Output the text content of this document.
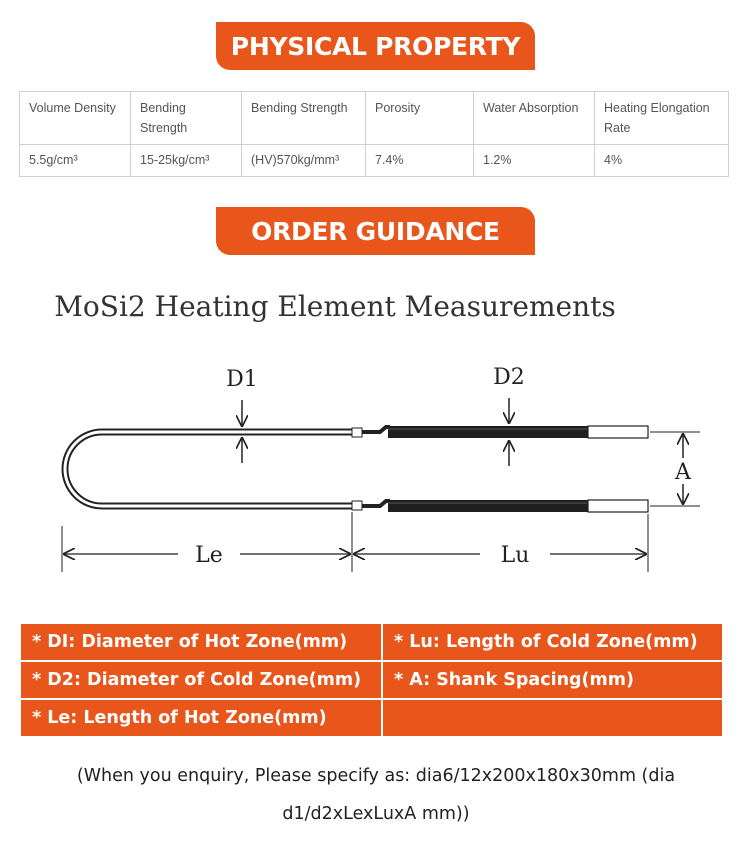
PHYSICAL PROPERTY
Volume Density	Bending Strength	Bending Strength	Porosity	Water Absorption	Heating Elongation Rate
5.5g/cm³	15-25kg/cm³	(HV)570kg/mm³	7.4%	1.2%	4%
ORDER GUIDANCE
MoSi2 Heating Element Measurements
D1	D2
A
Le	Lu
* DI: Diameter of Hot Zone(mm)	* Lu: Length of Cold Zone(mm)
* D2: Diameter of Cold Zone(mm)	* A: Shank Spacing(mm)
* Le: Length of Hot Zone(mm)	
(When you enquiry, Please specify as: dia6/12x200x180x30mm (dia d1/d2xLexLuxA mm))
